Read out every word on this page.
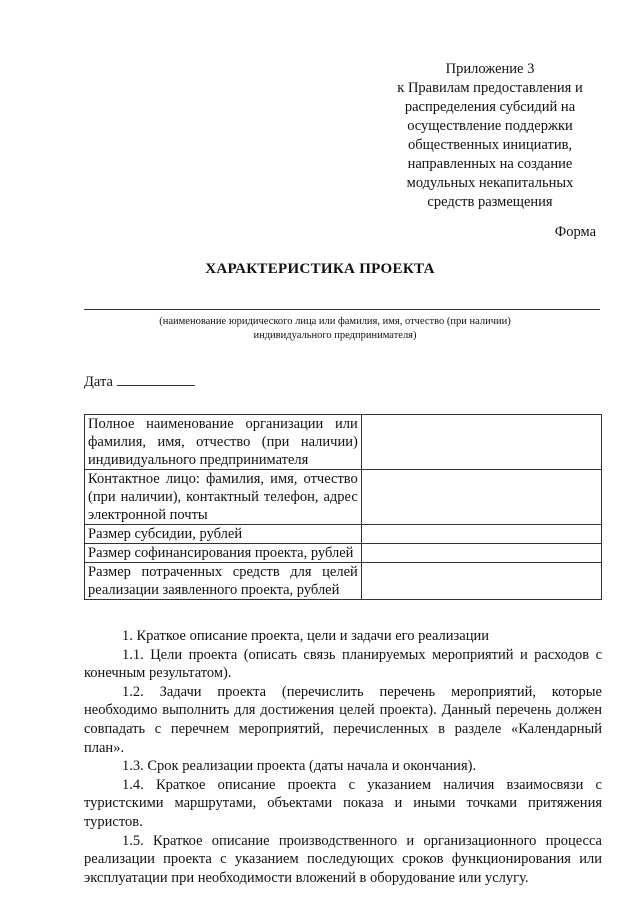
Приложение 3
к Правилам предоставления и
распределения субсидий на
осуществление поддержки
общественных инициатив,
направленных на создание
модульных некапитальных
средств размещения
Форма
ХАРАКТЕРИСТИКА ПРОЕКТА
(наименование юридического лица или фамилия, имя, отчество (при наличии)
индивидуального предпринимателя)
Дата
Полное наименование организации или фамилия, имя, отчество (при наличии) индивидуального предпринимателя	
Контактное лицо: фамилия, имя, отчество (при наличии), контактный телефон, адрес электронной почты	
Размер субсидии, рублей	
Размер софинансирования проекта, рублей	
Размер потраченных средств для целей реализации заявленного проекта, рублей	

1. Краткое описание проекта, цели и задачи его реализации

1.1. Цели проекта (описать связь планируемых мероприятий и расходов с конечным результатом).

1.2. Задачи проекта (перечислить перечень мероприятий, которые необходимо выполнить для достижения целей проекта). Данный перечень должен совпадать с перечнем мероприятий, перечисленных в разделе «Календарный план».

1.3. Срок реализации проекта (даты начала и окончания).

1.4. Краткое описание проекта с указанием наличия взаимосвязи с туристскими маршрутами, объектами показа и иными точками притяжения туристов.

1.5. Краткое описание производственного и организационного процесса реализации проекта с указанием последующих сроков функционирования или эксплуатации при необходимости вложений в оборудование или услугу.
